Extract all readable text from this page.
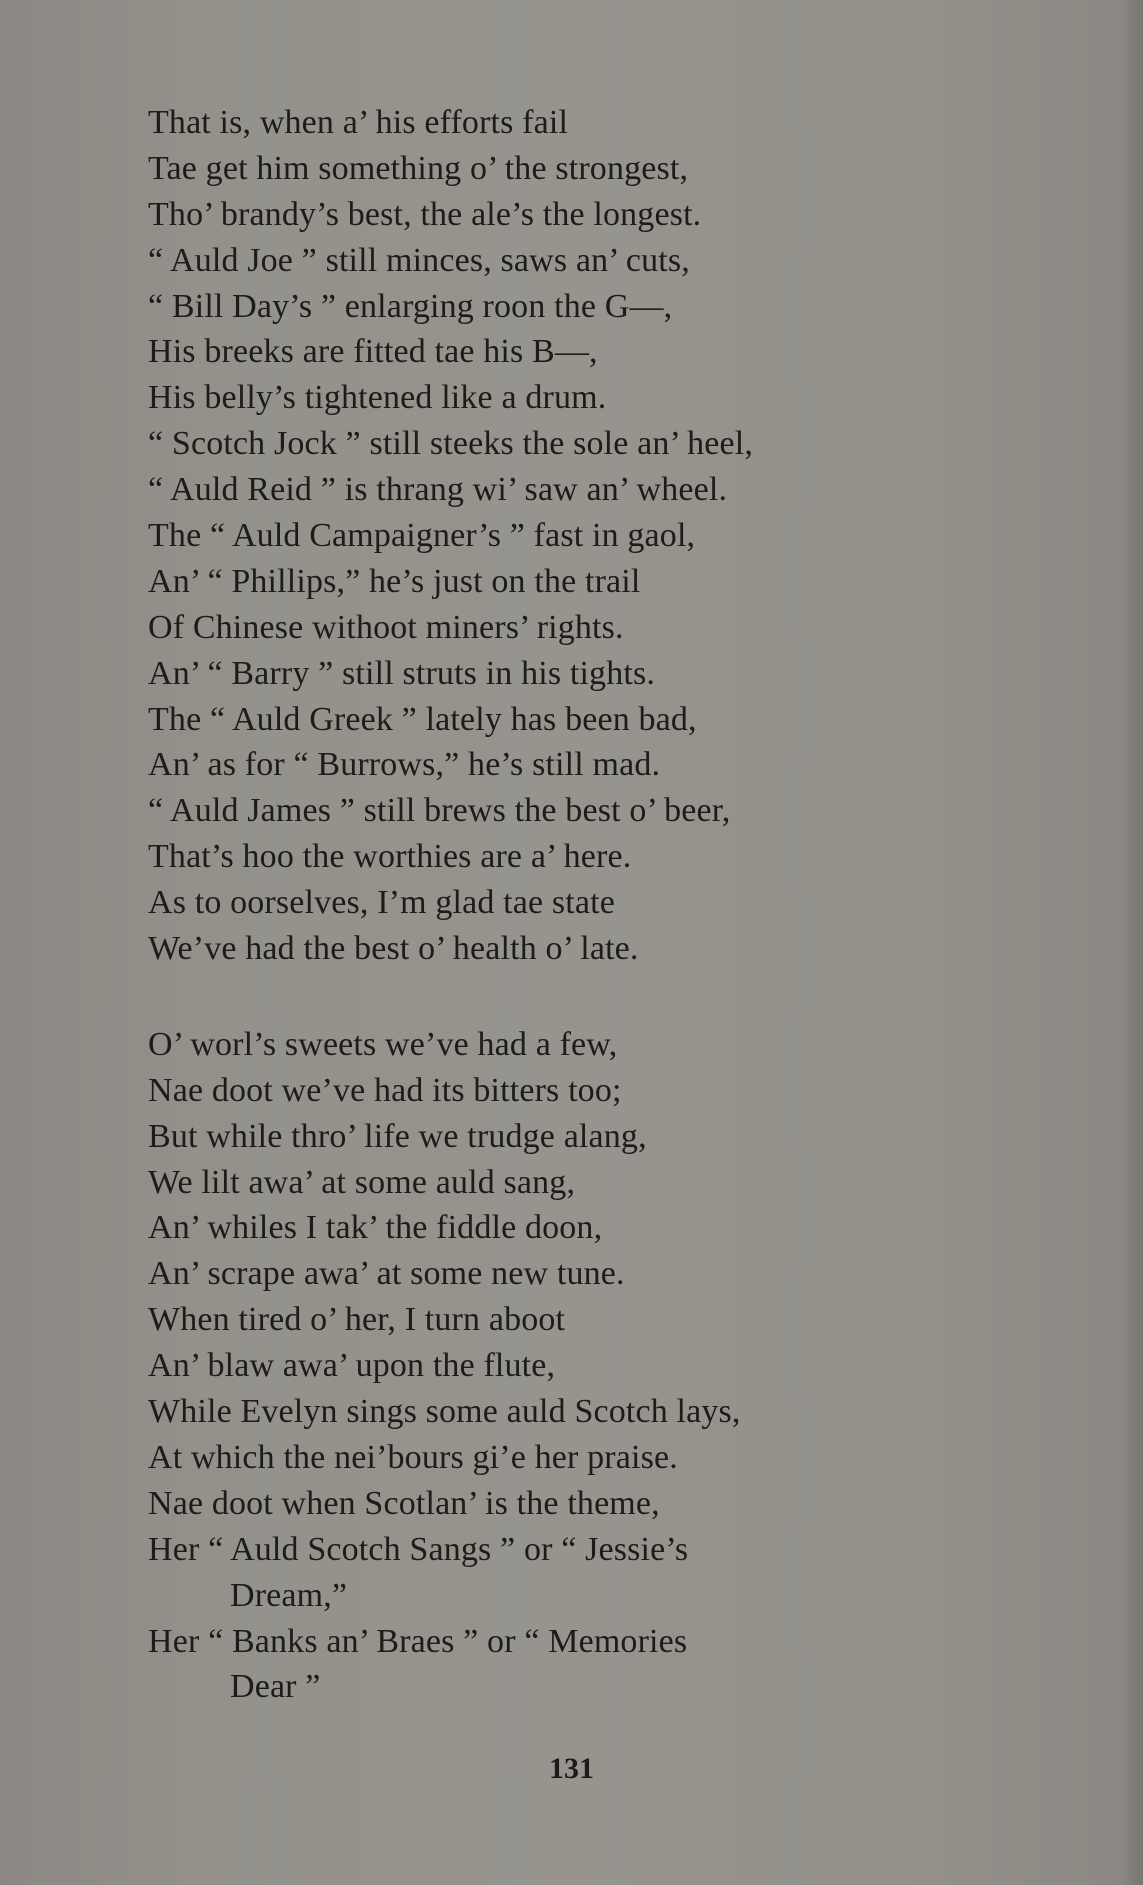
That is, when a’ his efforts fail
Tae get him something o’ the strongest,
Tho’ brandy’s best, the ale’s the longest.
“ Auld Joe ” still minces, saws an’ cuts,
“ Bill Day’s ” enlarging roon the G—,
His breeks are fitted tae his B—,
His belly’s tightened like a drum.
“ Scotch Jock ” still steeks the sole an’ heel,
“ Auld Reid ” is thrang wi’ saw an’ wheel.
The “ Auld Campaigner’s ” fast in gaol,
An’ “ Phillips,” he’s just on the trail
Of Chinese withoot miners’ rights.
An’ “ Barry ” still struts in his tights.
The “ Auld Greek ” lately has been bad,
An’ as for “ Burrows,” he’s still mad.
“ Auld James ” still brews the best o’ beer,
That’s hoo the worthies are a’ here.
As to oorselves, I’m glad tae state
We’ve had the best o’ health o’ late.
O’ worl’s sweets we’ve had a few,
Nae doot we’ve had its bitters too;
But while thro’ life we trudge alang,
We lilt awa’ at some auld sang,
An’ whiles I tak’ the fiddle doon,
An’ scrape awa’ at some new tune.
When tired o’ her, I turn aboot
An’ blaw awa’ upon the flute,
While Evelyn sings some auld Scotch lays,
At which the nei’bours gi’e her praise.
Nae doot when Scotlan’ is the theme,
Her “ Auld Scotch Sangs ” or “ Jessie’s
Dream,”
Her “ Banks an’ Braes ” or “ Memories
Dear ”
131
